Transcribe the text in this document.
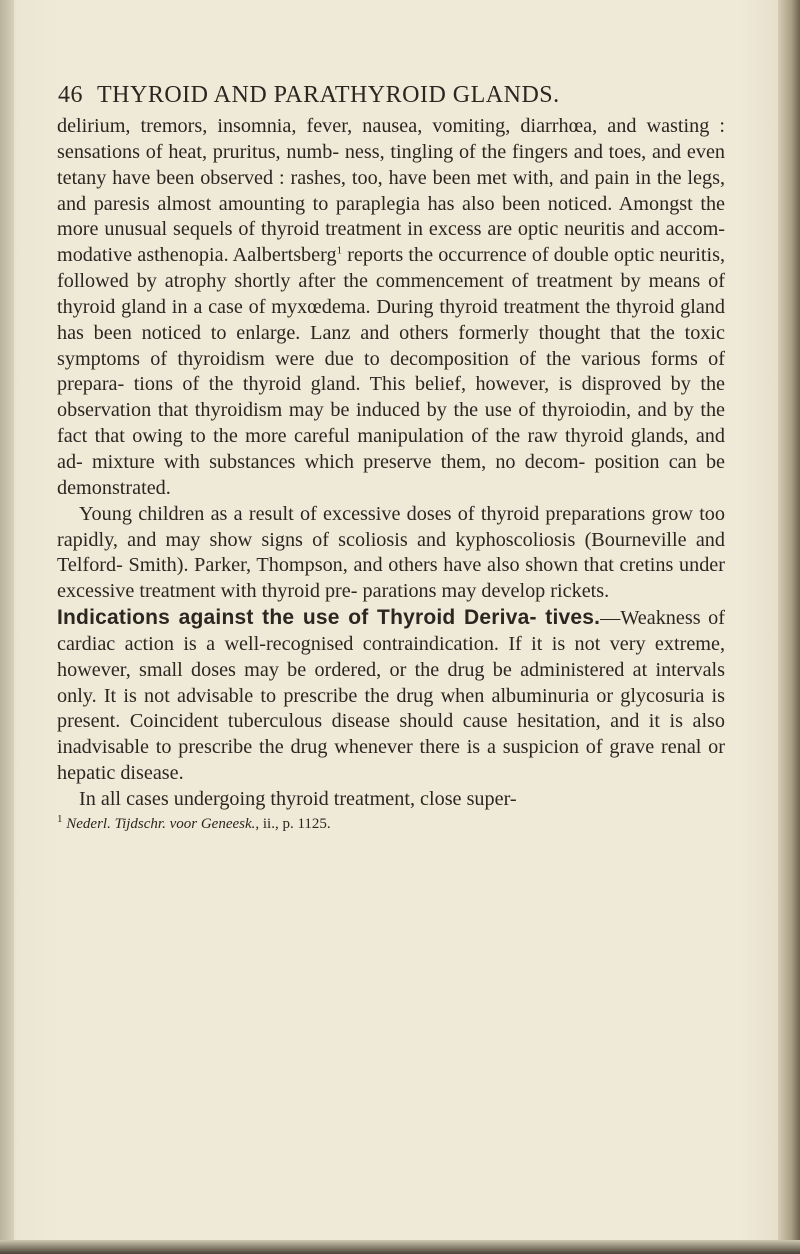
46 THYROID AND PARATHYROID GLANDS.

delirium, tremors, insomnia, fever, nausea, vomiting, diarrhœa, and wasting : sensations of heat, pruritus, numb- ness, tingling of the fingers and toes, and even tetany have been observed : rashes, too, have been met with, and pain in the legs, and paresis almost amounting to paraplegia has also been noticed. Amongst the more unusual sequels of thyroid treatment in excess are optic neuritis and accom- modative asthenopia. Aalbertsberg$^1$ reports the occurrence of double optic neuritis, followed by atrophy shortly after the commencement of treatment by means of thyroid gland in a case of myxœdema. During thyroid treatment the thyroid gland has been noticed to enlarge. Lanz and others formerly thought that the toxic symptoms of thyroidism were due to decomposition of the various forms of prepara- tions of the thyroid gland. This belief, however, is disproved by the observation that thyroidism may be induced by the use of thyroiodin, and by the fact that owing to the more careful manipulation of the raw thyroid glands, and ad- mixture with substances which preserve them, no decom- position can be demonstrated.

Young children as a result of excessive doses of thyroid preparations grow too rapidly, and may show signs of scoliosis and kyphoscoliosis (Bourneville and Telford- Smith). Parker, Thompson, and others have also shown that cretins under excessive treatment with thyroid pre- parations may develop rickets.

Indications against the use of Thyroid Deriva- tives.—Weakness of cardiac action is a well-recognised contraindication. If it is not very extreme, however, small doses may be ordered, or the drug be administered at intervals only. It is not advisable to prescribe the drug when albuminuria or glycosuria is present. Coincident tuberculous disease should cause hesitation, and it is also inadvisable to prescribe the drug whenever there is a suspicion of grave renal or hepatic disease.

In all cases undergoing thyroid treatment, close super-

$^1$ Nederl. Tijdschr. voor Geneesk., ii., p. 1125.
